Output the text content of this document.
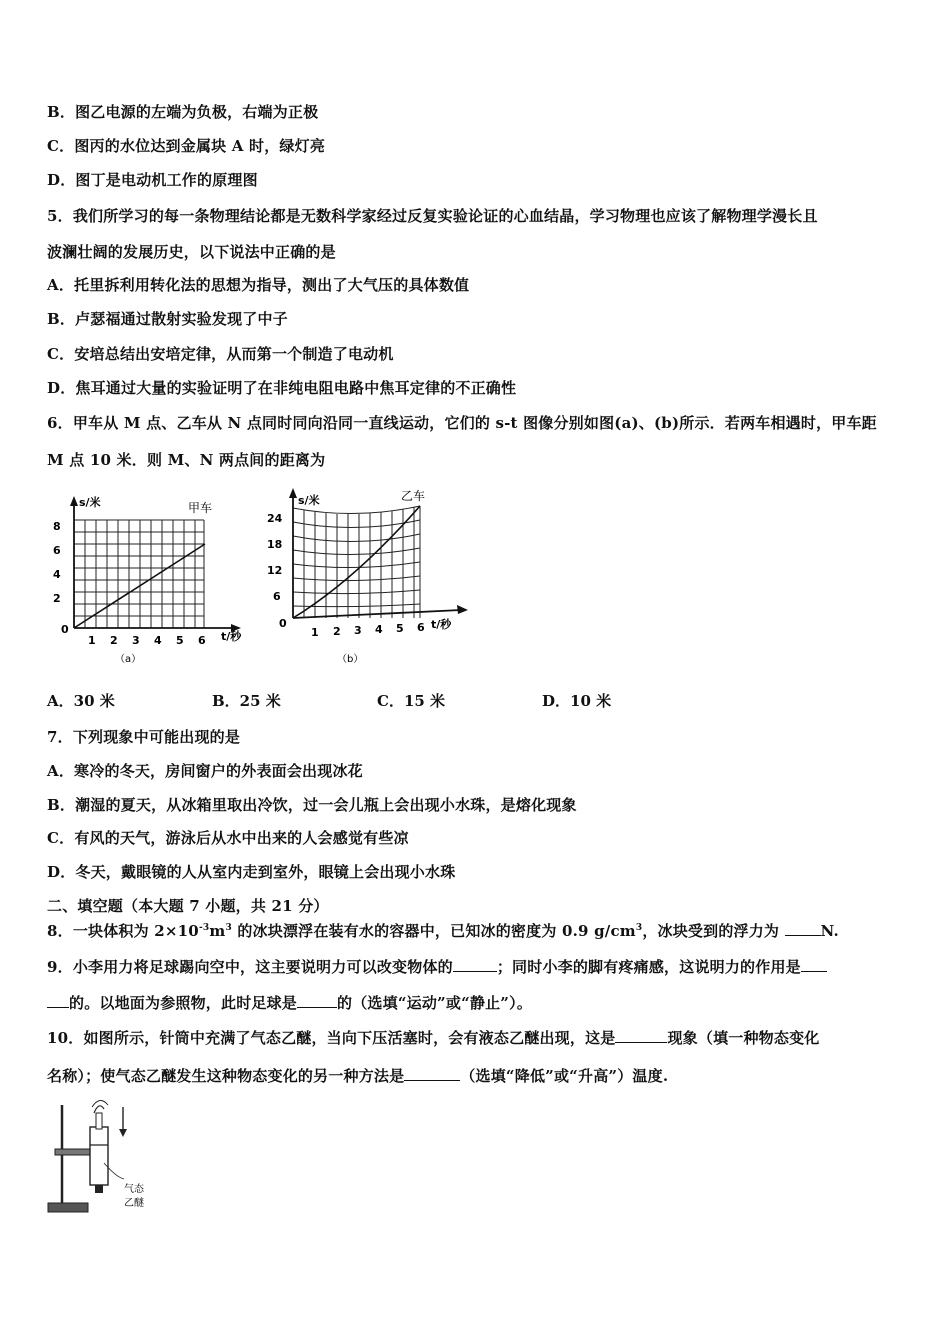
B．图乙电源的左端为负极，右端为正极
C．图丙的水位达到金属块 A 时，绿灯亮
D．图丁是电动机工作的原理图
5．我们所学习的每一条物理结论都是无数科学家经过反复实验论证的心血结晶，学习物理也应该了解物理学漫长且
波澜壮阔的发展历史，以下说法中正确的是
A．托里拆利用转化法的思想为指导，测出了大气压的具体数值
B．卢瑟福通过散射实验发现了中子
C．安培总结出安培定律，从而第一个制造了电动机
D．焦耳通过大量的实验证明了在非纯电阻电路中焦耳定律的不正确性
6．甲车从 M 点、乙车从 N 点同时同向沿同一直线运动，它们的 s-t 图像分别如图(a)、(b)所示．若两车相遇时，甲车距
M 点 10 米．则 M、N 两点间的距离为
s/米	甲车
8
6
4
2
0
1 2 3 4 5 6 t/秒
（a）
s/米	乙车
24
18
12
6
0
1 2 3 4 5 6 t/秒
（b）
A．30 米	B．25 米	C．15 米	D．10 米
7．下列现象中可能出现的是
A．寒冷的冬天，房间窗户的外表面会出现冰花
B．潮湿的夏天，从冰箱里取出冷饮，过一会儿瓶上会出现小水珠，是熔化现象
C．有风的天气，游泳后从水中出来的人会感觉有些凉
D．冬天，戴眼镜的人从室内走到室外，眼镜上会出现小水珠
二、填空题（本大题 7 小题，共 21 分）
8．一块体积为 $2\times 10^{-3}m^3$ 的冰块漂浮在装有水的容器中，已知冰的密度为 0.9 $g/cm^3$，冰块受到的浮力为 N.
9．小李用力将足球踢向空中，这主要说明力可以改变物体的	；同时小李的脚有疼痛感，这说明力的作用是
的。以地面为参照物，此时足球是	的（选填“运动”或“静止”）。
10．如图所示，针筒中充满了气态乙醚，当向下压活塞时，会有液态乙醚出现，这是	现象（填一种物态变化
名称）；使气态乙醚发生这种物态变化的另一种方法是	（选填“降低”或“升高”）温度.
气态
乙醚
